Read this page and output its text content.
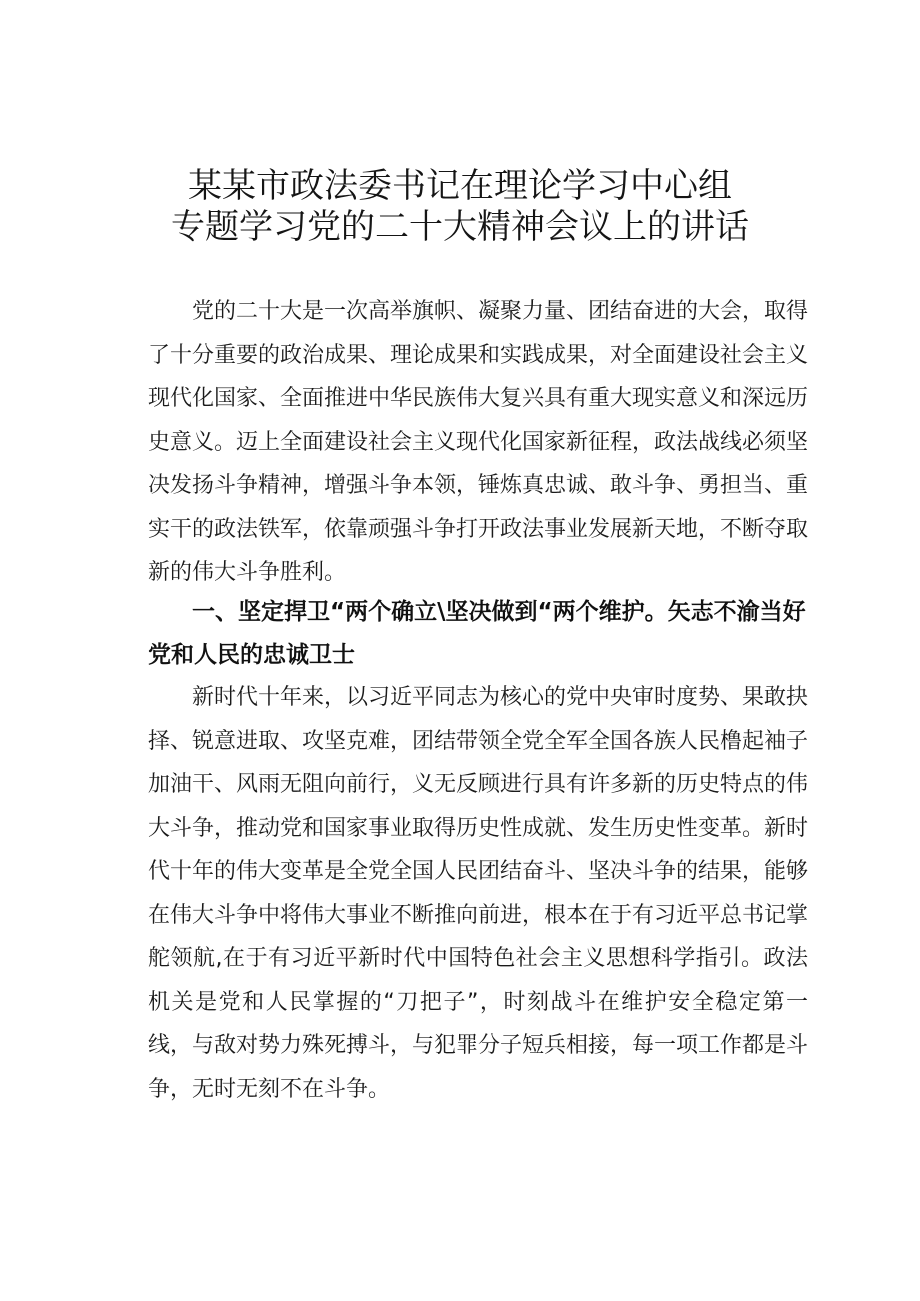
某某市政法委书记在理论学习中心组
专题学习党的二十大精神会议上的讲话

党的二十大是一次高举旗帜、凝聚力量、团结奋进的大会，取得了十分重要的政治成果、理论成果和实践成果，对全面建设社会主义现代化国家、全面推进中华民族伟大复兴具有重大现实意义和深远历史意义。迈上全面建设社会主义现代化国家新征程，政法战线必须坚决发扬斗争精神，增强斗争本领，锤炼真忠诚、敢斗争、勇担当、重实干的政法铁军，依靠顽强斗争打开政法事业发展新天地，不断夺取新的伟大斗争胜利。

一、坚定捍卫“两个确立\坚决做到“两个维护。矢志不渝当好党和人民的忠诚卫士

新时代十年来，以习近平同志为核心的党中央审时度势、果敢抉择、锐意进取、攻坚克难，团结带领全党全军全国各族人民橹起袖子加油干、风雨无阻向前行，义无反顾进行具有许多新的历史特点的伟大斗争，推动党和国家事业取得历史性成就、发生历史性变革。新时代十年的伟大变革是全党全国人民团结奋斗、坚决斗争的结果，能够在伟大斗争中将伟大事业不断推向前进，根本在于有习近平总书记掌舵领航,在于有习近平新时代中国特色社会主义思想科学指引。政法机关是党和人民掌握的“刀把子”，时刻战斗在维护安全稳定第一线，与敌对势力殊死搏斗，与犯罪分子短兵相接，每一项工作都是斗争，无时无刻不在斗争。
